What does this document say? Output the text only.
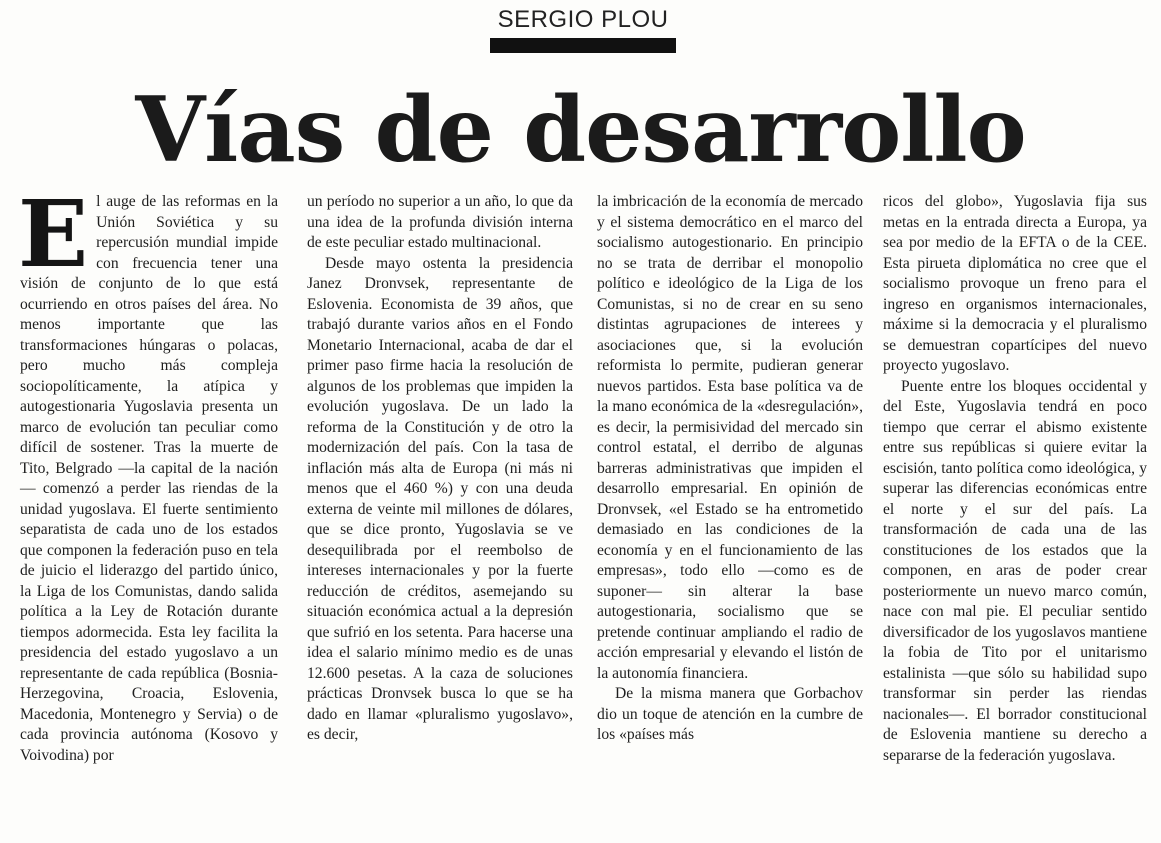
SERGIO PLOU
Vías de desarrollo

El auge de las reformas en la Unión Soviética y su repercusión mundial impide con frecuencia tener una visión de conjunto de lo que está ocurriendo en otros países del área. No menos importante que las transformaciones húngaras o polacas, pero mucho más compleja sociopolíticamente, la atípica y autogestionaria Yugoslavia presenta un marco de evolución tan peculiar como difícil de sostener. Tras la muerte de Tito, Belgrado —la capital de la nación— comenzó a perder las riendas de la unidad yugoslava. El fuerte sentimiento separatista de cada uno de los estados que componen la federación puso en tela de juicio el liderazgo del partido único, la Liga de los Comunistas, dando salida política a la Ley de Rotación durante tiempos adormecida. Esta ley facilita la presidencia del estado yugoslavo a un representante de cada república (Bosnia-Herzegovina, Croacia, Eslovenia, Macedonia, Montenegro y Servia) o de cada provincia autónoma (Kosovo y Voivodina) por

un período no superior a un año, lo que da una idea de la profunda división interna de este peculiar estado multinacional.

Desde mayo ostenta la presidencia Janez Dronvsek, representante de Eslovenia. Economista de 39 años, que trabajó durante varios años en el Fondo Monetario Internacional, acaba de dar el primer paso firme hacia la resolución de algunos de los problemas que impiden la evolución yugoslava. De un lado la reforma de la Constitución y de otro la modernización del país. Con la tasa de inflación más alta de Europa (ni más ni menos que el 460 %) y con una deuda externa de veinte mil millones de dólares, que se dice pronto, Yugoslavia se ve desequilibrada por el reembolso de intereses internacionales y por la fuerte reducción de créditos, asemejando su situación económica actual a la depresión que sufrió en los setenta. Para hacerse una idea el salario mínimo medio es de unas 12.600 pesetas. A la caza de soluciones prácticas Dronvsek busca lo que se ha dado en llamar «pluralismo yugoslavo», es decir,

la imbricación de la economía de mercado y el sistema democrático en el marco del socialismo autogestionario. En principio no se trata de derribar el monopolio político e ideológico de la Liga de los Comunistas, si no de crear en su seno distintas agrupaciones de interees y asociaciones que, si la evolución reformista lo permite, pudieran generar nuevos partidos. Esta base política va de la mano económica de la «desregulación», es decir, la permisividad del mercado sin control estatal, el derribo de algunas barreras administrativas que impiden el desarrollo empresarial. En opinión de Dronvsek, «el Estado se ha entrometido demasiado en las condiciones de la economía y en el funcionamiento de las empresas», todo ello —como es de suponer— sin alterar la base autogestionaria, socialismo que se pretende continuar ampliando el radio de acción empresarial y elevando el listón de la autonomía financiera.

De la misma manera que Gorbachov dio un toque de atención en la cumbre de los «países más

ricos del globo», Yugoslavia fija sus metas en la entrada directa a Europa, ya sea por medio de la EFTA o de la CEE. Esta pirueta diplomática no cree que el socialismo provoque un freno para el ingreso en organismos internacionales, máxime si la democracia y el pluralismo se demuestran copartícipes del nuevo proyecto yugoslavo.

Puente entre los bloques occidental y del Este, Yugoslavia tendrá en poco tiempo que cerrar el abismo existente entre sus repúblicas si quiere evitar la escisión, tanto política como ideológica, y superar las diferencias económicas entre el norte y el sur del país. La transformación de cada una de las constituciones de los estados que la componen, en aras de poder crear posteriormente un nuevo marco común, nace con mal pie. El peculiar sentido diversificador de los yugoslavos mantiene la fobia de Tito por el unitarismo estalinista —que sólo su habilidad supo transformar sin perder las riendas nacionales—. El borrador constitucional de Eslovenia mantiene su derecho a separarse de la federación yugoslava.
